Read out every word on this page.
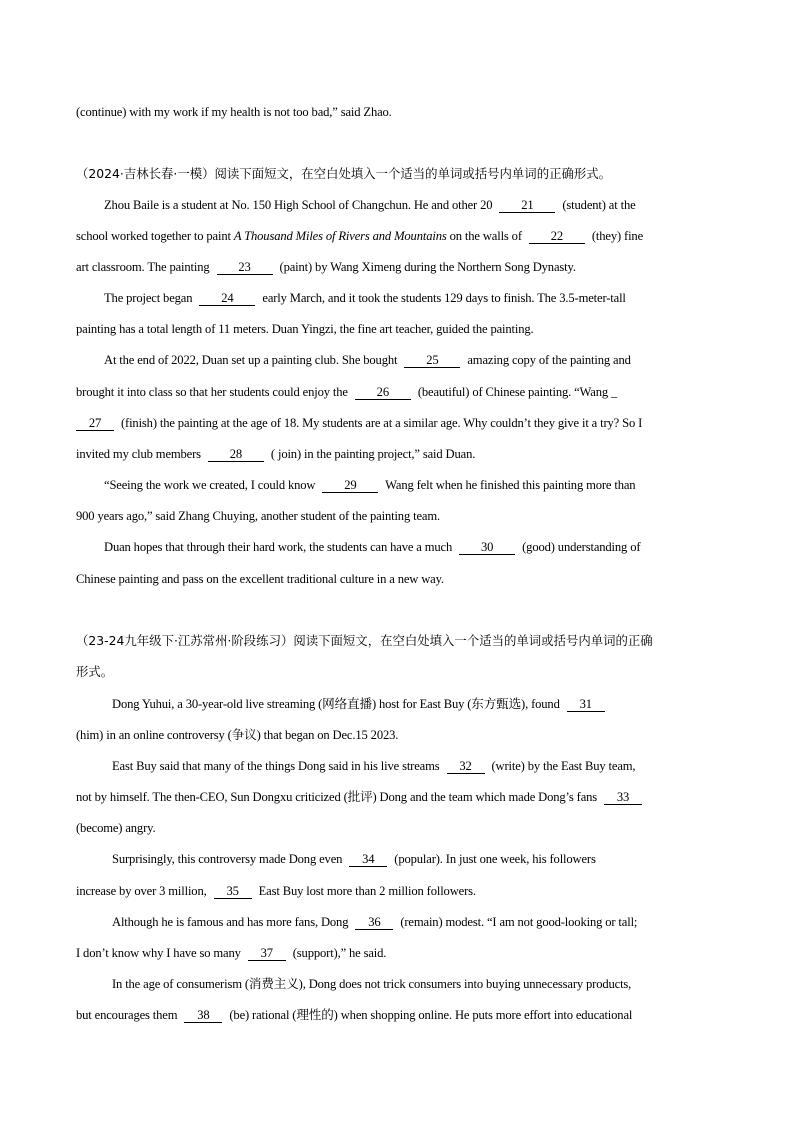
(continue) with my work if my health is not too bad,” said Zhao.
（2024·吉林长春·一模）阅读下面短文，在空白处填入一个适当的单词或括号内单词的正确形式。
Zhou Baile is a student at No. 150 High School of Changchun. He and other 20 21 (student) at the
school worked together to paint A Thousand Miles of Rivers and Mountains on the walls of 22 (they) fine
art classroom. The painting 23 (paint) by Wang Ximeng during the Northern Song Dynasty.
The project began 24 early March, and it took the students 129 days to finish. The 3.5-meter-tall
painting has a total length of 11 meters. Duan Yingzi, the fine art teacher, guided the painting.
At the end of 2022, Duan set up a painting club. She bought 25 amazing copy of the painting and
brought it into class so that her students could enjoy the 26 (beautiful) of Chinese painting. “Wang _
27 (finish) the painting at the age of 18. My students are at a similar age. Why couldn’t they give it a try? So I
invited my club members 28 ( join) in the painting project,” said Duan.
“Seeing the work we created, I could know 29 Wang felt when he finished this painting more than
900 years ago,” said Zhang Chuying, another student of the painting team.
Duan hopes that through their hard work, the students can have a much 30 (good) understanding of
Chinese painting and pass on the excellent traditional culture in a new way.
（23-24九年级下·江苏常州·阶段练习）阅读下面短文，在空白处填入一个适当的单词或括号内单词的正确
形式。
Dong Yuhui, a 30-year-old live streaming (网络直播) host for East Buy (东方甄选), found 31
(him) in an online controversy (争议) that began on Dec.15 2023.
East Buy said that many of the things Dong said in his live streams 32 (write) by the East Buy team,
not by himself. The then-CEO, Sun Dongxu criticized (批评) Dong and the team which made Dong’s fans 33
(become) angry.
Surprisingly, this controversy made Dong even 34 (popular). In just one week, his followers
increase by over 3 million, 35 East Buy lost more than 2 million followers.
Although he is famous and has more fans, Dong 36 (remain) modest. “I am not good-looking or tall;
I don’t know why I have so many 37 (support),” he said.
In the age of consumerism (消费主义), Dong does not trick consumers into buying unnecessary products,
but encourages them 38 (be) rational (理性的) when shopping online. He puts more effort into educational
